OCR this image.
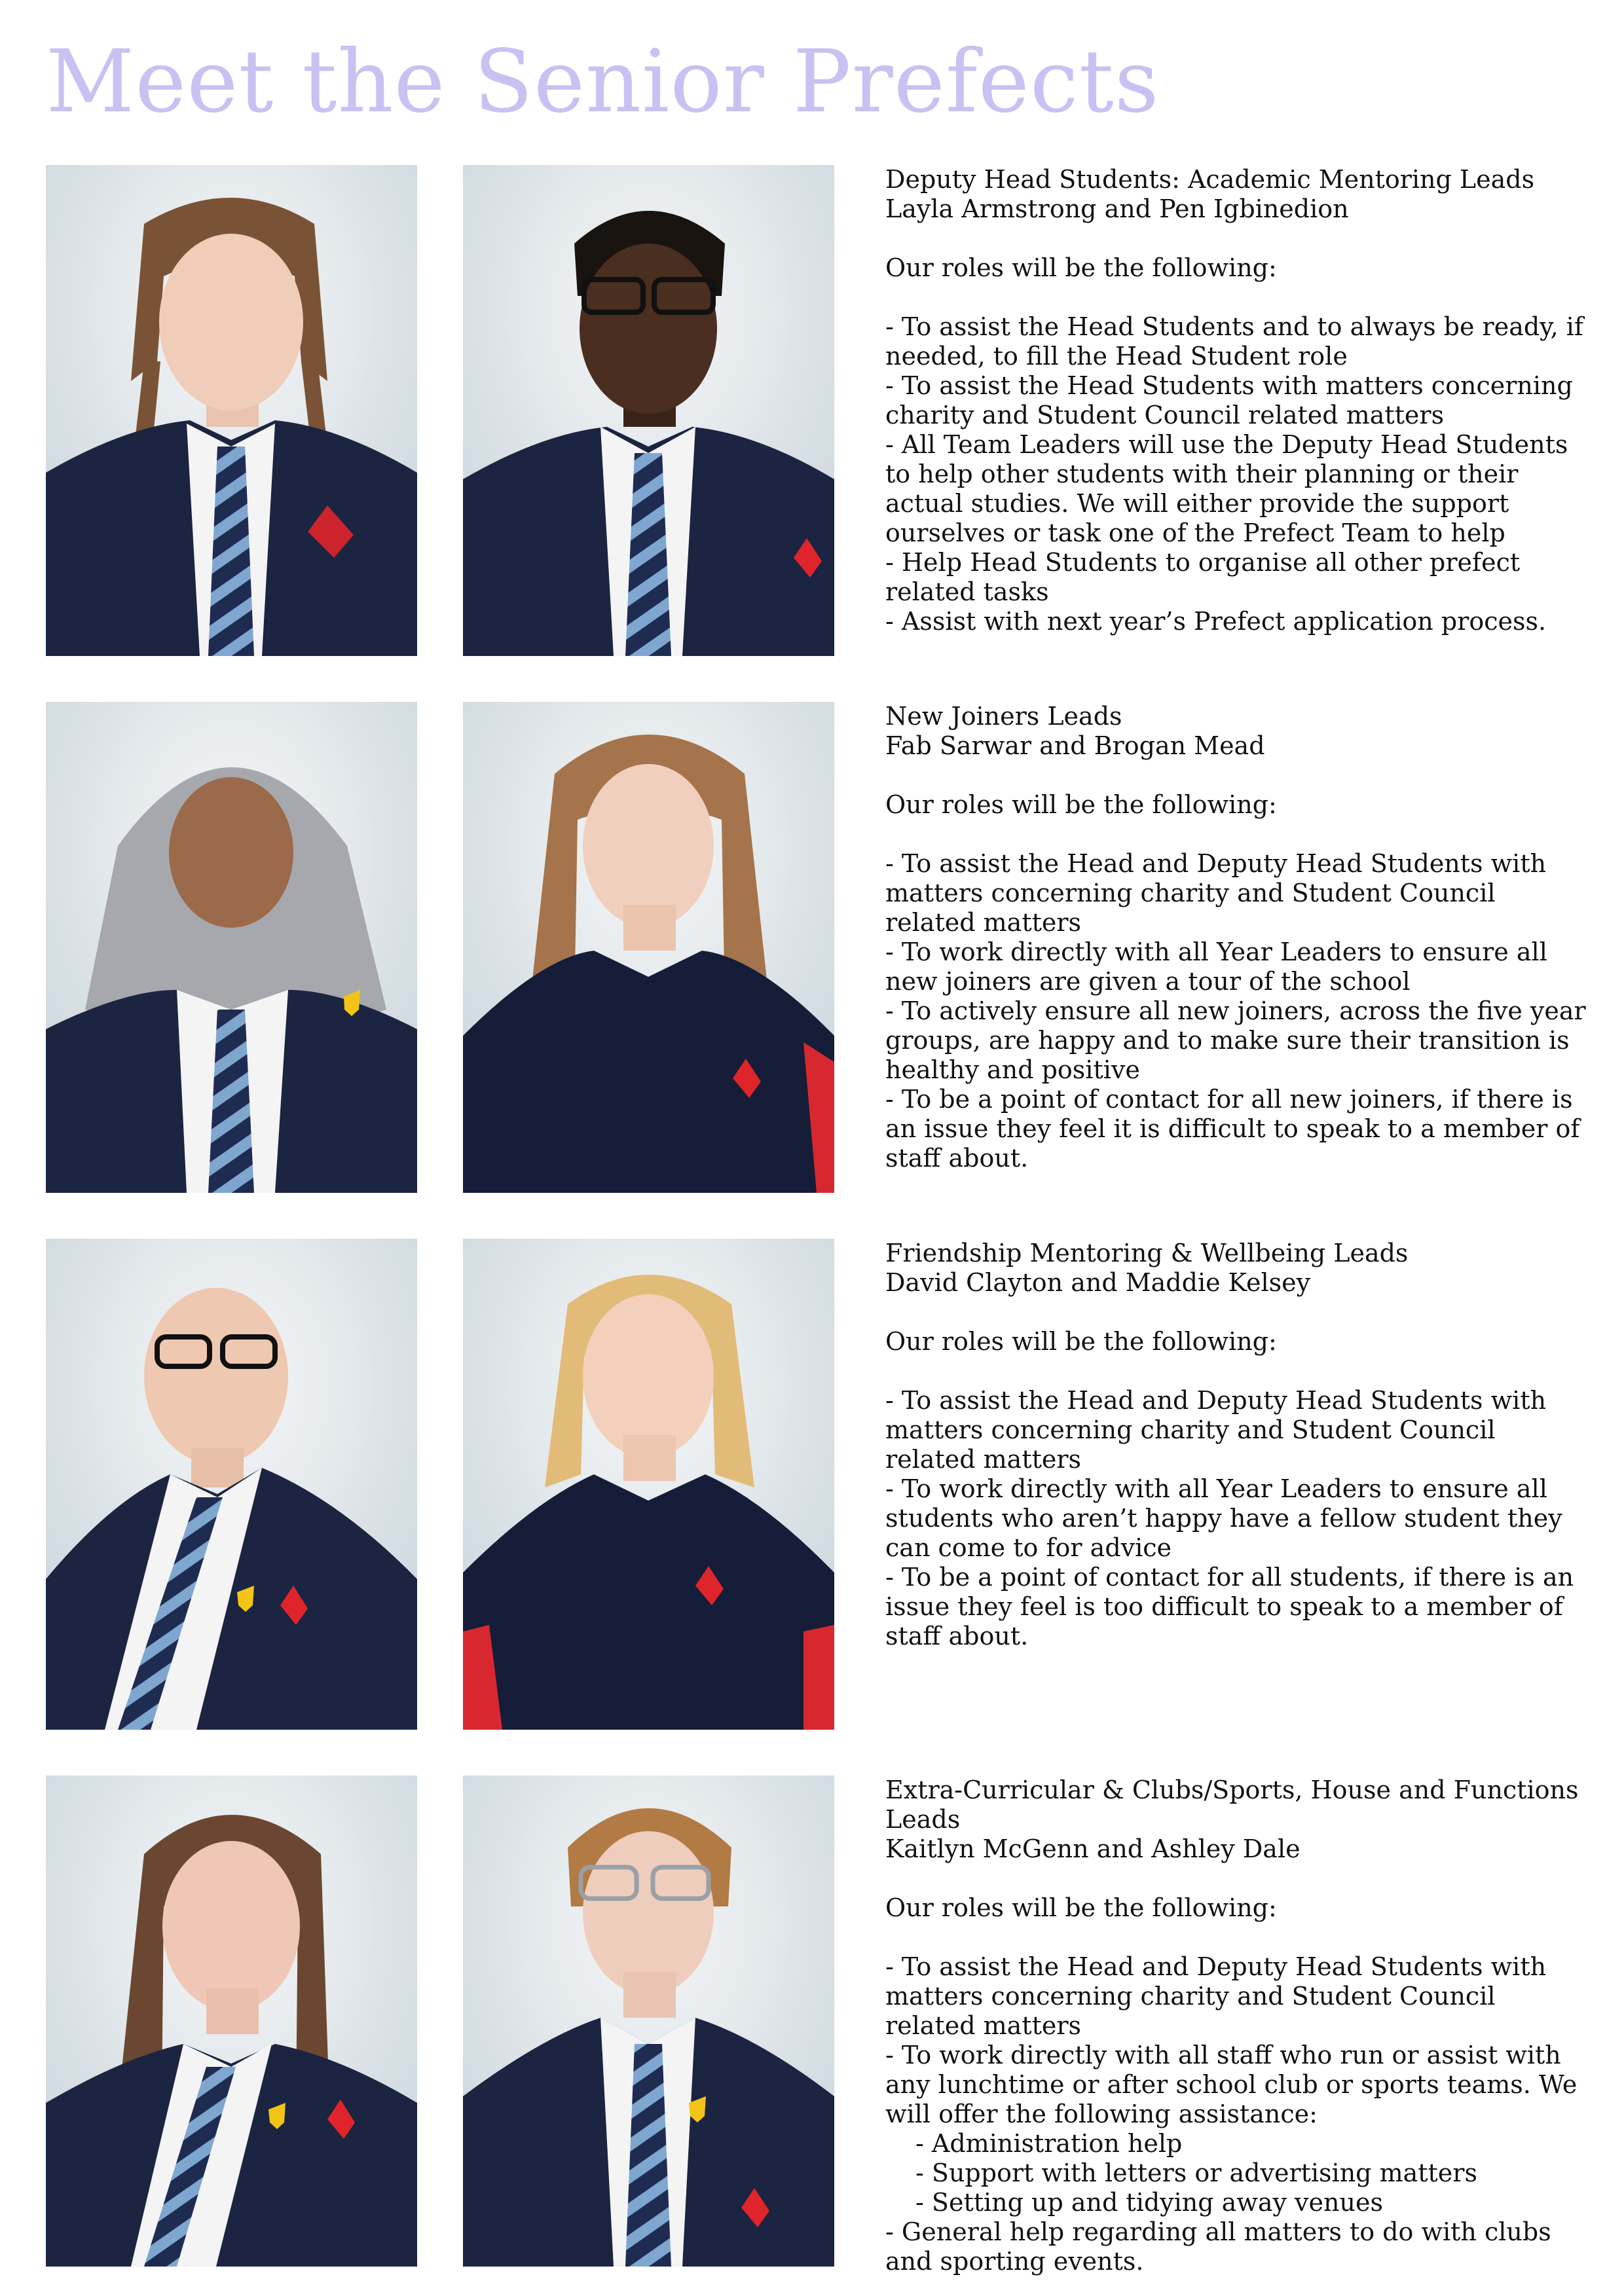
Meet the Senior Prefects
Deputy Head Students: Academic Mentoring Leads
Layla Armstrong and Pen Igbinedion
Our roles will be the following:
- To assist the Head Students and to always be ready, if needed, to fill the Head Student role
- To assist the Head Students with matters concerning charity and Student Council related matters
- All Team Leaders will use the Deputy Head Students to help other students with their planning or their actual studies. We will either provide the support ourselves or task one of the Prefect Team to help
- Help Head Students to organise all other prefect related tasks
- Assist with next year’s Prefect application process.
New Joiners Leads
Fab Sarwar and Brogan Mead
Our roles will be the following:
- To assist the Head and Deputy Head Students with matters concerning charity and Student Council related matters
- To work directly with all Year Leaders to ensure all new joiners are given a tour of the school
- To actively ensure all new joiners, across the five year groups, are happy and to make sure their transition is healthy and positive
- To be a point of contact for all new joiners, if there is an issue they feel it is difficult to speak to a member of staff about.
Friendship Mentoring & Wellbeing Leads
David Clayton and Maddie Kelsey
Our roles will be the following:
- To assist the Head and Deputy Head Students with matters concerning charity and Student Council related matters
- To work directly with all Year Leaders to ensure all students who aren’t happy have a fellow student they can come to for advice
- To be a point of contact for all students, if there is an issue they feel is too difficult to speak to a member of staff about.
Extra-Curricular & Clubs/Sports, House and Functions Leads
Kaitlyn McGenn and Ashley Dale
Our roles will be the following:
- To assist the Head and Deputy Head Students with matters concerning charity and Student Council related matters
- To work directly with all staff who run or assist with any lunchtime or after school club or sports teams. We will offer the following assistance:
- Administration help
- Support with letters or advertising matters
- Setting up and tidying away venues
- General help regarding all matters to do with clubs and sporting events.
